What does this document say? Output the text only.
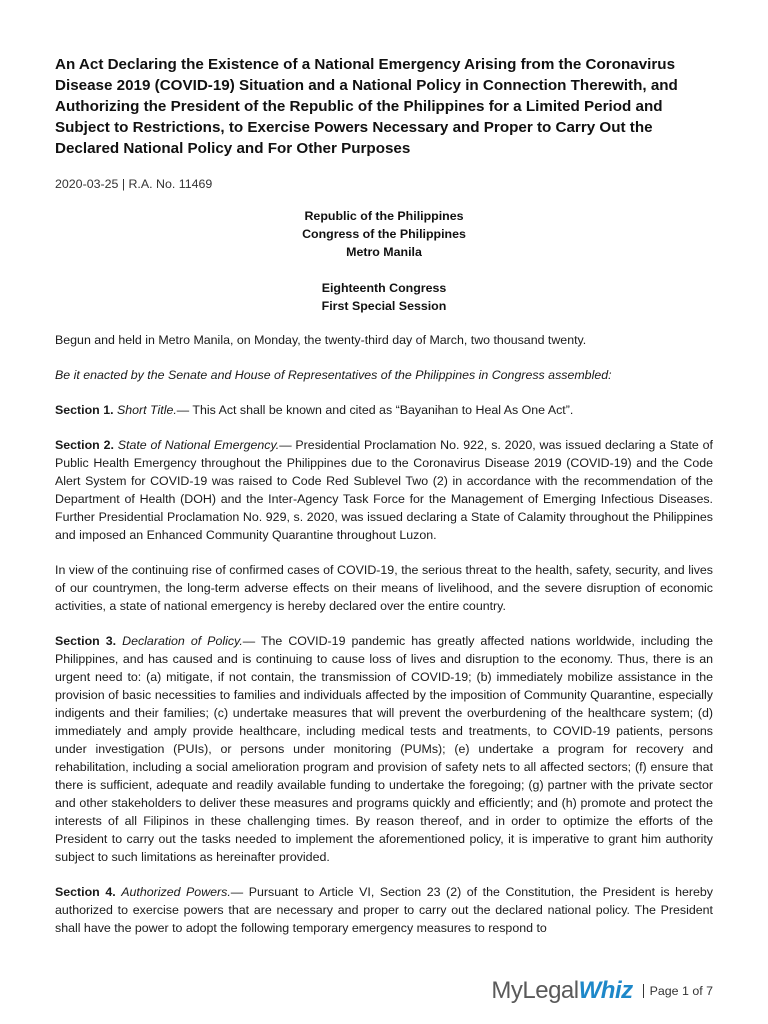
An Act Declaring the Existence of a National Emergency Arising from the Coronavirus Disease 2019 (COVID-19) Situation and a National Policy in Connection Therewith, and Authorizing the President of the Republic of the Philippines for a Limited Period and Subject to Restrictions, to Exercise Powers Necessary and Proper to Carry Out the Declared National Policy and For Other Purposes
2020-03-25 | R.A. No. 11469
Republic of the Philippines
Congress of the Philippines
Metro Manila
Eighteenth Congress
First Special Session

Begun and held in Metro Manila, on Monday, the twenty-third day of March, two thousand twenty.

Be it enacted by the Senate and House of Representatives of the Philippines in Congress assembled:

Section 1. Short Title.— This Act shall be known and cited as “Bayanihan to Heal As One Act”.

Section 2. State of National Emergency.— Presidential Proclamation No. 922, s. 2020, was issued declaring a State of Public Health Emergency throughout the Philippines due to the Coronavirus Disease 2019 (COVID-19) and the Code Alert System for COVID-19 was raised to Code Red Sublevel Two (2) in accordance with the recommendation of the Department of Health (DOH) and the Inter-Agency Task Force for the Management of Emerging Infectious Diseases. Further Presidential Proclamation No. 929, s. 2020, was issued declaring a State of Calamity throughout the Philippines and imposed an Enhanced Community Quarantine throughout Luzon.

In view of the continuing rise of confirmed cases of COVID-19, the serious threat to the health, safety, security, and lives of our countrymen, the long-term adverse effects on their means of livelihood, and the severe disruption of economic activities, a state of national emergency is hereby declared over the entire country.

Section 3. Declaration of Policy.— The COVID-19 pandemic has greatly affected nations worldwide, including the Philippines, and has caused and is continuing to cause loss of lives and disruption to the economy. Thus, there is an urgent need to: (a) mitigate, if not contain, the transmission of COVID-19; (b) immediately mobilize assistance in the provision of basic necessities to families and individuals affected by the imposition of Community Quarantine, especially indigents and their families; (c) undertake measures that will prevent the overburdening of the healthcare system; (d) immediately and amply provide healthcare, including medical tests and treatments, to COVID-19 patients, persons under investigation (PUIs), or persons under monitoring (PUMs); (e) undertake a program for recovery and rehabilitation, including a social amelioration program and provision of safety nets to all affected sectors; (f) ensure that there is sufficient, adequate and readily available funding to undertake the foregoing; (g) partner with the private sector and other stakeholders to deliver these measures and programs quickly and efficiently; and (h) promote and protect the interests of all Filipinos in these challenging times. By reason thereof, and in order to optimize the efforts of the President to carry out the tasks needed to implement the aforementioned policy, it is imperative to grant him authority subject to such limitations as hereinafter provided.

Section 4. Authorized Powers.— Pursuant to Article VI, Section 23 (2) of the Constitution, the President is hereby authorized to exercise powers that are necessary and proper to carry out the declared national policy. The President shall have the power to adopt the following temporary emergency measures to respond to

MyLegalWhiz	Page 1 of 7
